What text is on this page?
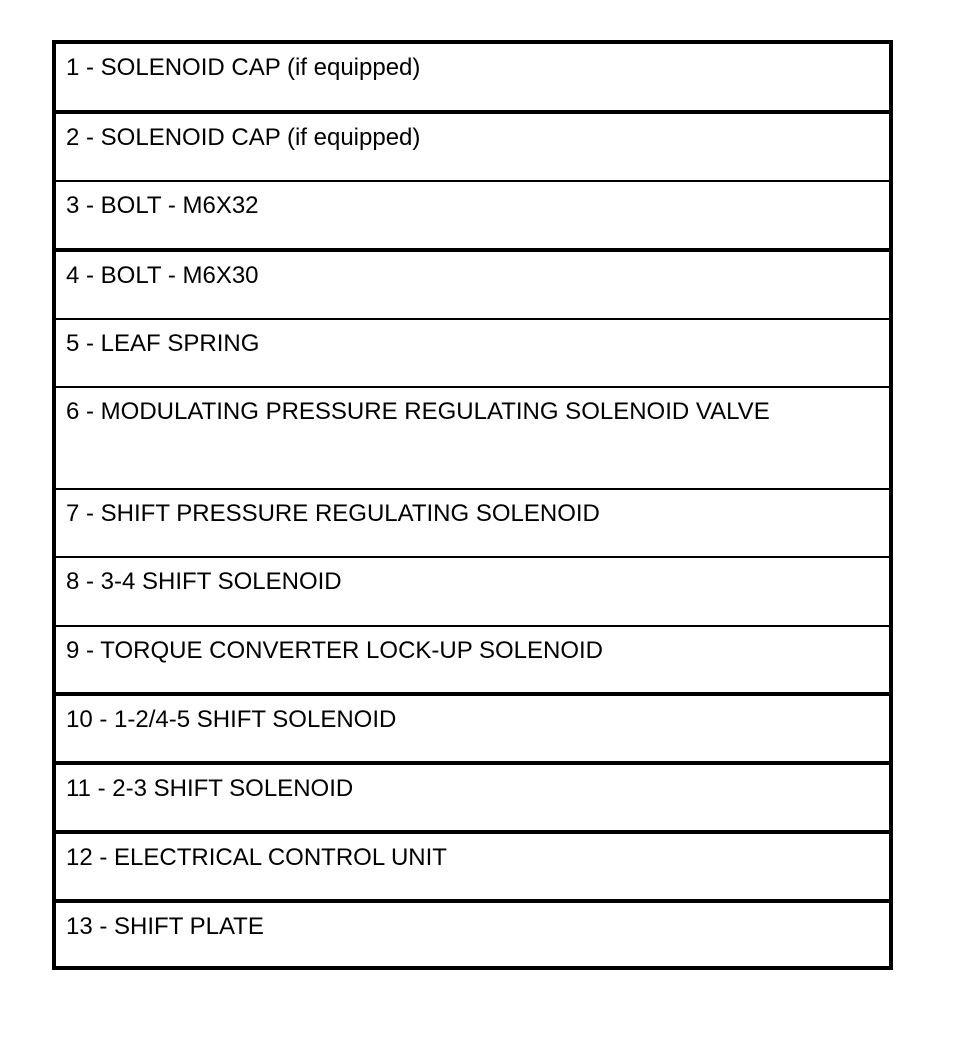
1 - SOLENOID CAP (if equipped)
2 - SOLENOID CAP (if equipped)
3 - BOLT - M6X32
4 - BOLT - M6X30
5 - LEAF SPRING
6 - MODULATING PRESSURE REGULATING SOLENOID VALVE
7 - SHIFT PRESSURE REGULATING SOLENOID
8 - 3-4 SHIFT SOLENOID
9 - TORQUE CONVERTER LOCK-UP SOLENOID
10 - 1-2/4-5 SHIFT SOLENOID
11 - 2-3 SHIFT SOLENOID
12 - ELECTRICAL CONTROL UNIT
13 - SHIFT PLATE
